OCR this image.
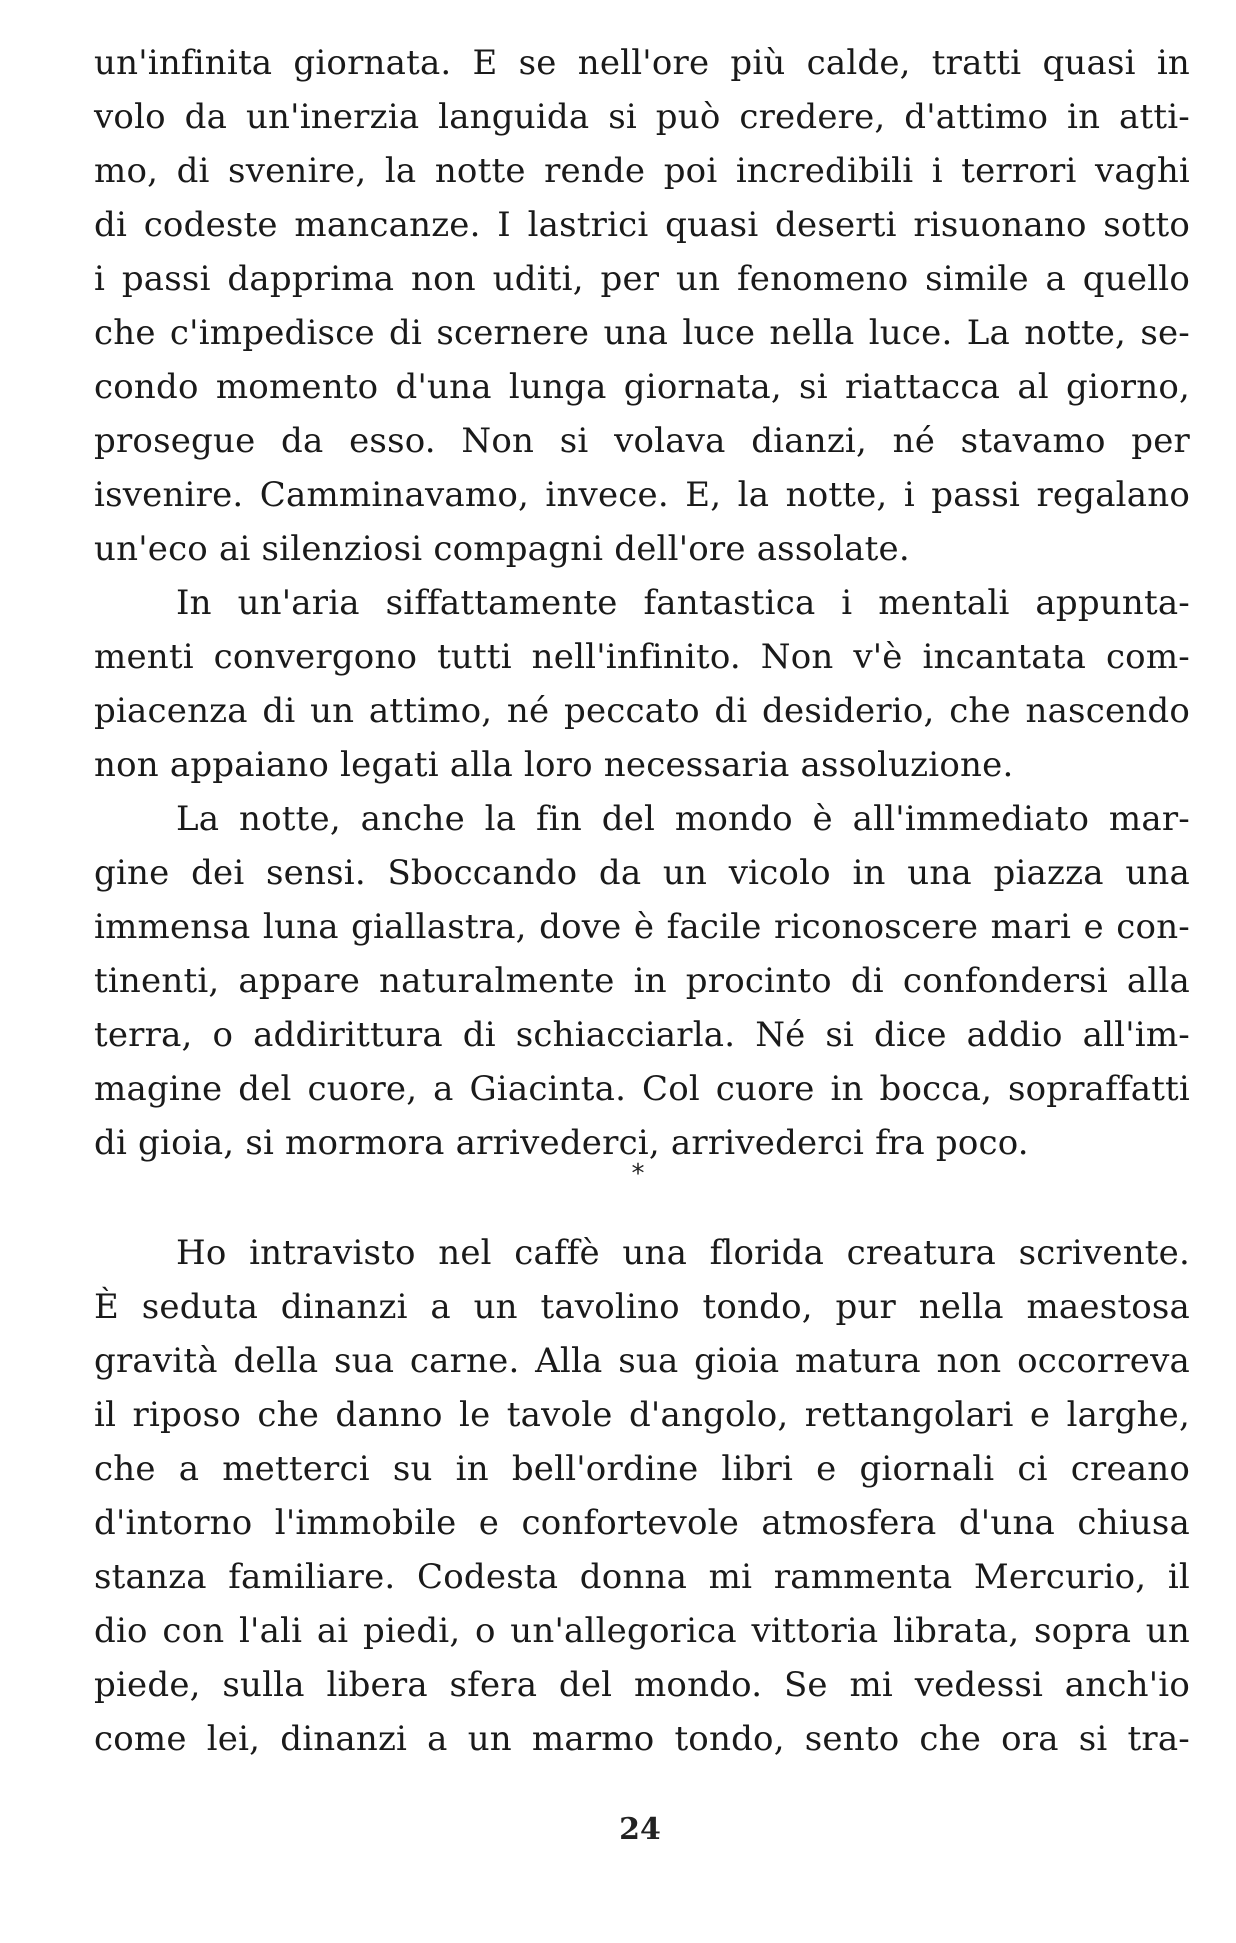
un'infinita giornata. E se nell'ore più calde, tratti quasi in
volo da un'inerzia languida si può credere, d'attimo in atti-
mo, di svenire, la notte rende poi incredibili i terrori vaghi
di codeste mancanze. I lastrici quasi deserti risuonano sotto
i passi dapprima non uditi, per un fenomeno simile a quello
che c'impedisce di scernere una luce nella luce. La notte, se-
condo momento d'una lunga giornata, si riattacca al giorno,
prosegue da esso. Non si volava dianzi, né stavamo per
isvenire. Camminavamo, invece. E, la notte, i passi regalano
un'eco ai silenziosi compagni dell'ore assolate.
In un'aria siffattamente fantastica i mentali appunta-
menti convergono tutti nell'infinito. Non v'è incantata com-
piacenza di un attimo, né peccato di desiderio, che nascendo
non appaiano legati alla loro necessaria assoluzione.
La notte, anche la fin del mondo è all'immediato mar-
gine dei sensi. Sboccando da un vicolo in una piazza una
immensa luna giallastra, dove è facile riconoscere mari e con-
tinenti, appare naturalmente in procinto di confondersi alla
terra, o addirittura di schiacciarla. Né si dice addio all'im-
magine del cuore, a Giacinta. Col cuore in bocca, sopraffatti
di gioia, si mormora arrivederci, arrivederci fra poco.
*
Ho intravisto nel caffè una florida creatura scrivente.
È seduta dinanzi a un tavolino tondo, pur nella maestosa
gravità della sua carne. Alla sua gioia matura non occorreva
il riposo che danno le tavole d'angolo, rettangolari e larghe,
che a metterci su in bell'ordine libri e giornali ci creano
d'intorno l'immobile e confortevole atmosfera d'una chiusa
stanza familiare. Codesta donna mi rammenta Mercurio, il
dio con l'ali ai piedi, o un'allegorica vittoria librata, sopra un
piede, sulla libera sfera del mondo. Se mi vedessi anch'io
come lei, dinanzi a un marmo tondo, sento che ora si tra-
24
